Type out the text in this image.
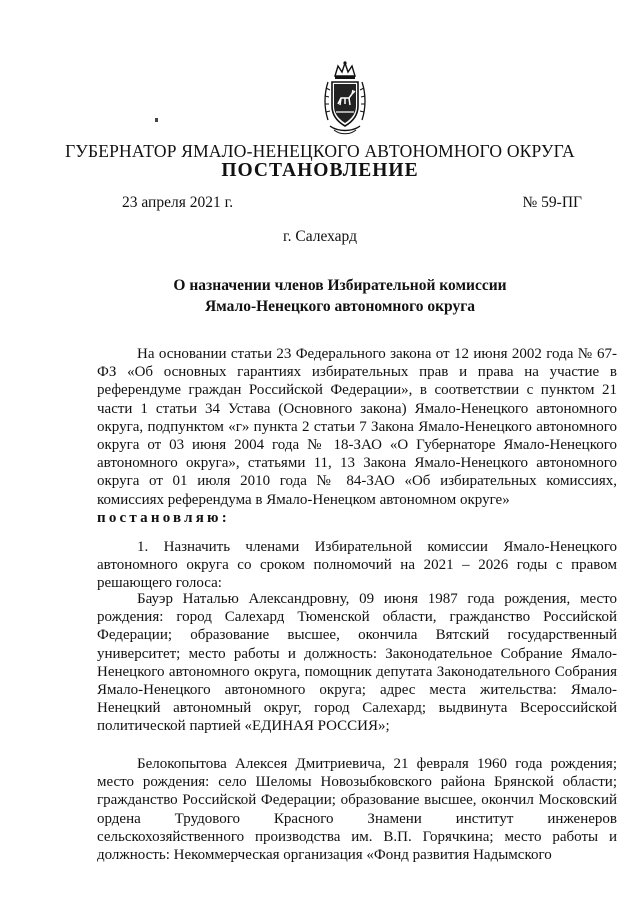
ГУБЕРНАТОР ЯМАЛО-НЕНЕЦКОГО АВТОНОМНОГО ОКРУГА
ПОСТАНОВЛЕНИЕ
23 апреля 2021 г.	№ 59-ПГ
г. Салехард
О назначении членов Избирательной комиссии
Ямало-Ненецкого автономного округа

На основании статьи 23 Федерального закона от 12 июня 2002 года № 67-ФЗ «Об основных гарантиях избирательных прав и права на участие в референдуме граждан Российской Федерации», в соответствии с пунктом 21 части 1 статьи 34 Устава (Основного закона) Ямало-Ненецкого автономного округа, подпунктом «г» пункта 2 статьи 7 Закона Ямало-Ненецкого автономного округа от 03 июня 2004 года № 18-ЗАО «О Губернаторе Ямало-Ненецкого автономного округа», статьями 11, 13 Закона Ямало-Ненецкого автономного округа от 01 июля 2010 года № 84-ЗАО «Об избирательных комиссиях, комиссиях референдума в Ямало-Ненецком автономном округе»

постановляю:

1. Назначить членами Избирательной комиссии Ямало-Ненецкого автономного округа со сроком полномочий на 2021 – 2026 годы с правом решающего голоса:

Бауэр Наталью Александровну, 09 июня 1987 года рождения, место рождения: город Салехард Тюменской области, гражданство Российской Федерации; образование высшее, окончила Вятский государственный университет; место работы и должность: Законодательное Собрание Ямало-Ненецкого автономного округа, помощник депутата Законодательного Собрания Ямало-Ненецкого автономного округа; адрес места жительства: Ямало-Ненецкий автономный округ, город Салехард; выдвинута Всероссийской политической партией «ЕДИНАЯ РОССИЯ»;

Белокопытова Алексея Дмитриевича, 21 февраля 1960 года рождения; место рождения: село Шеломы Новозыбковского района Брянской области; гражданство Российской Федерации; образование высшее, окончил Московский ордена Трудового Красного Знамени институт инженеров сельскохозяйственного производства им. В.П. Горячкина; место работы и должность: Некоммерческая организация «Фонд развития Надымского
